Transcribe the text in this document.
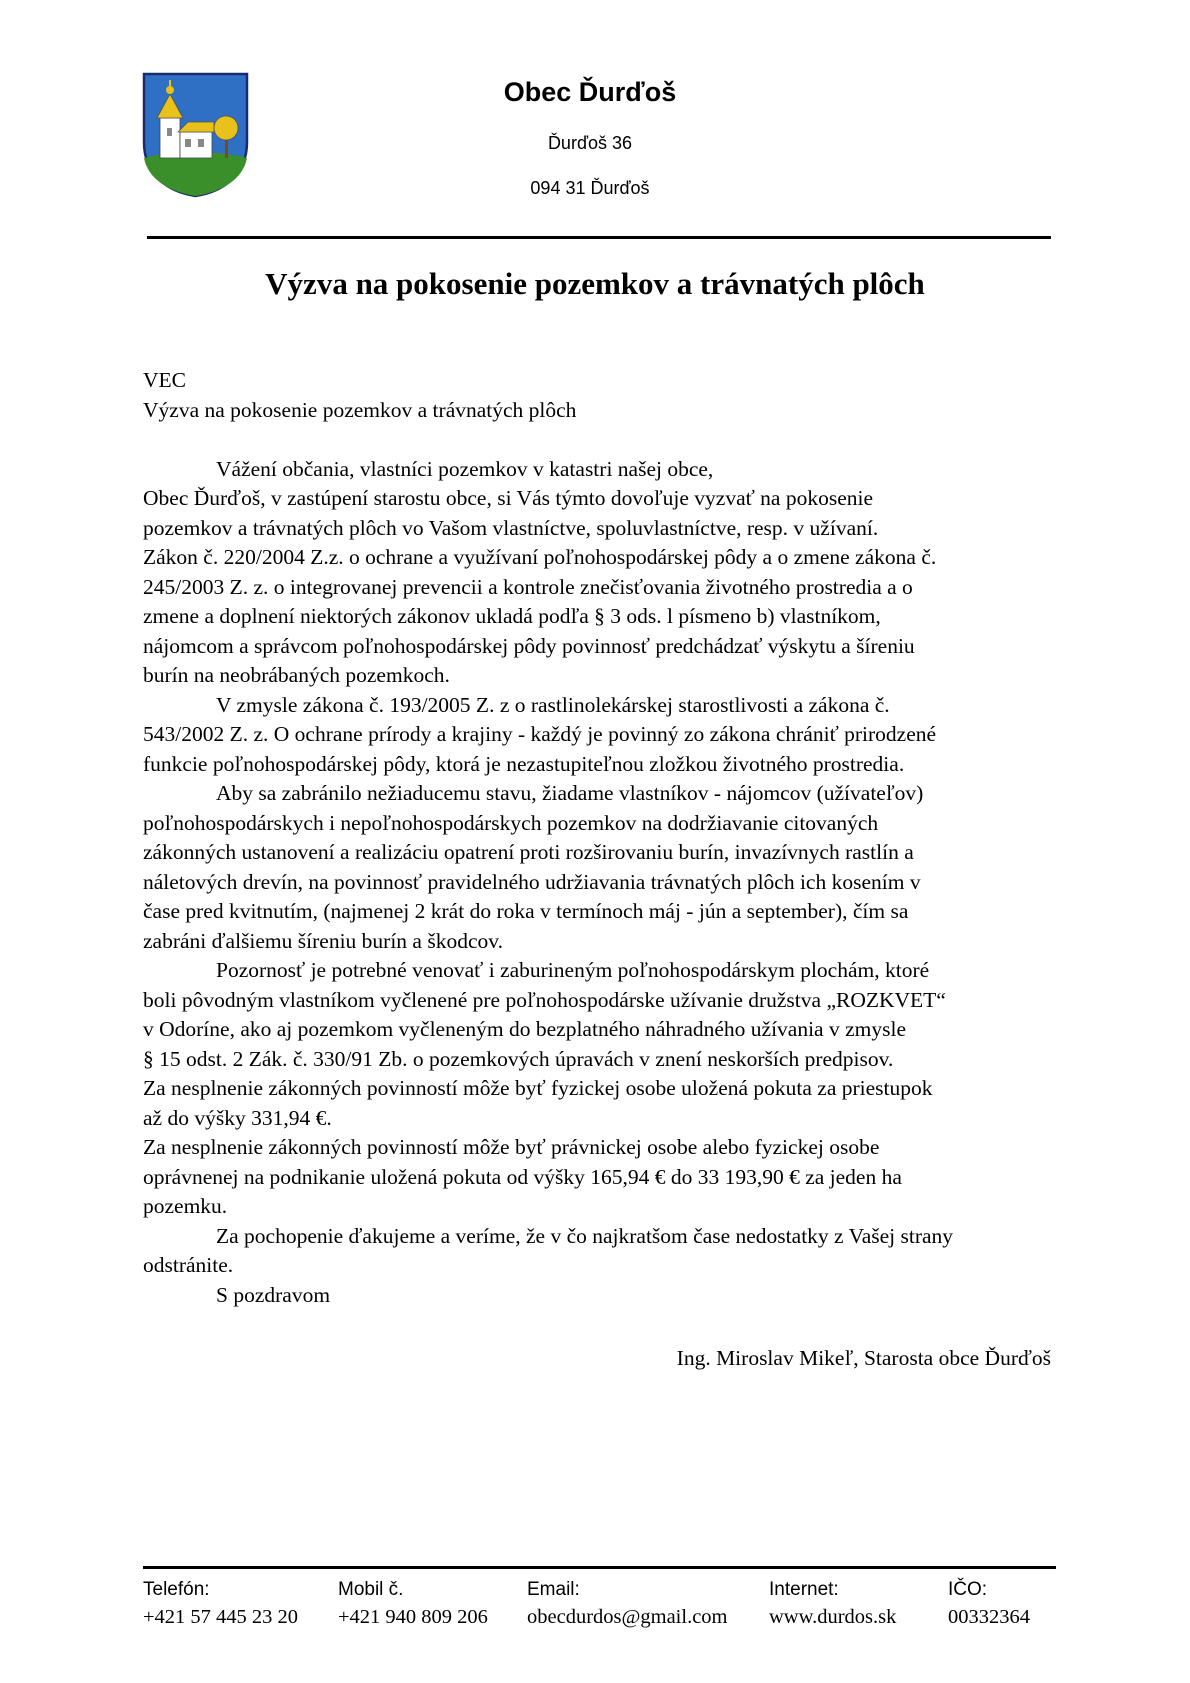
Obec Ďurďoš
Ďurďoš 36
094 31 Ďurďoš
Výzva na pokosenie pozemkov a trávnatých plôch
VEC
Výzva na pokosenie pozemkov a trávnatých plôch
Vážení občania, vlastníci pozemkov v katastri našej obce,
Obec Ďurďoš, v zastúpení starostu obce, si Vás týmto dovoľuje vyzvať na pokosenie
pozemkov a trávnatých plôch vo Vašom vlastníctve, spoluvlastníctve, resp. v užívaní.
Zákon č. 220/2004 Z.z. o ochrane a využívaní poľnohospodárskej pôdy a o zmene zákona č.
245/2003 Z. z. o integrovanej prevencii a kontrole znečisťovania životného prostredia a o
zmene a doplnení niektorých zákonov ukladá podľa § 3 ods. l písmeno b) vlastníkom,
nájomcom a správcom poľnohospodárskej pôdy povinnosť predchádzať výskytu a šíreniu
burín na neobrábaných pozemkoch.
V zmysle zákona č. 193/2005 Z. z o rastlinolekárskej starostlivosti a zákona č.
543/2002 Z. z. O ochrane prírody a krajiny - každý je povinný zo zákona chrániť prirodzené
funkcie poľnohospodárskej pôdy, ktorá je nezastupiteľnou zložkou životného prostredia.
Aby sa zabránilo nežiaducemu stavu, žiadame vlastníkov - nájomcov (užívateľov)
poľnohospodárskych i nepoľnohospodárskych pozemkov na dodržiavanie citovaných
zákonných ustanovení a realizáciu opatrení proti rozširovaniu burín, invazívnych rastlín a
náletových drevín, na povinnosť pravidelného udržiavania trávnatých plôch ich kosením v
čase pred kvitnutím, (najmenej 2 krát do roka v termínoch máj - jún a september), čím sa
zabráni ďalšiemu šíreniu burín a škodcov.
Pozornosť je potrebné venovať i zaburineným poľnohospodárskym plochám, ktoré
boli pôvodným vlastníkom vyčlenené pre poľnohospodárske užívanie družstva „ROZKVET“
v Odoríne, ako aj pozemkom vyčleneným do bezplatného náhradného užívania v zmysle
§ 15 odst. 2 Zák. č. 330/91 Zb. o pozemkových úpravách v znení neskorších predpisov.
Za nesplnenie zákonných povinností môže byť fyzickej osobe uložená pokuta za priestupok
až do výšky 331,94 €.
Za nesplnenie zákonných povinností môže byť právnickej osobe alebo fyzickej osobe
oprávnenej na podnikanie uložená pokuta od výšky 165,94 € do 33 193,90 € za jeden ha
pozemku.
Za pochopenie ďakujeme a veríme, že v čo najkratšom čase nedostatky z Vašej strany
odstránite.
S pozdravom
Ing. Miroslav Mikeľ, Starosta obce Ďurďoš
Telefón:
+421 57 445 23 20
Mobil č.
+421 940 809 206
Email:
obecdurdos@gmail.com
Internet:
www.durdos.sk
IČO:
00332364
